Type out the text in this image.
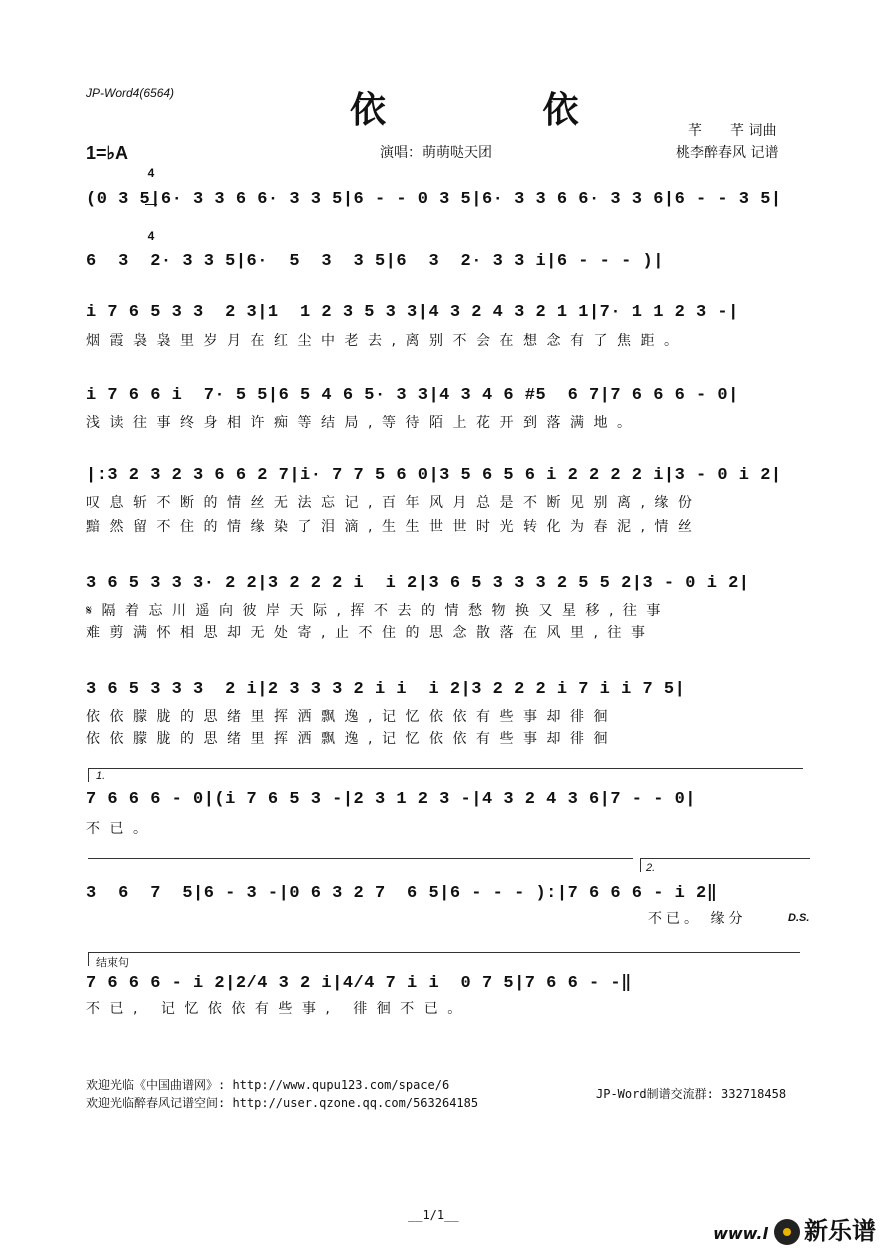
JP-Word4(6564)	依 依	芊　　芊 词曲
桃李醉春风 记谱
演唱：萌萌哒天团
1=♭A

4

4

(0 3 5|6· 3 3 6 6· 3 3 5|6 - - 0 3 5|6· 3 3 6 6· 3 3 6|6 - - 3 5|
6  3  2· 3 3 5|6·  5  3  3 5|6  3  2· 3 3 i|6 - - - )|
i 7 6 5 3 3  2 3|1  1 2 3 5 3 3|4 3 2 4 3 2 1 1|7· 1 1 2 3 -|
烟霞袅袅里岁月在红尘中老去,离别不会在想念有了焦距。
i 7 6 6 i  7· 5 5|6 5 4 6 5· 3 3|4 3 4 6 #5  6 7|7 6 6 6 - 0|
浅读往事终身相许痴等结局,等待陌上花开到落满地。
|:3 2 3 2 3 6 6 2 7|i· 7 7 5 6 0|3 5 6 5 6 i 2 2 2 2 i|3 - 0 i 2|
叹息斩不断的情丝无法忘记,百年风月总是不断见别离,缘份
黯然留不住的情缘染了泪滴,生生世世时光转化为春泥,情丝
3 6 5 3 3 3· 2 2|3 2 2 2 i  i 2|3 6 5 3 3 3 2 5 5 2|3 - 0 i 2|
𝄋隔着忘川遥向彼岸天际,挥不去的情愁物换又星移,往事
难剪满怀相思却无处寄,止不住的思念散落在风里,往事
3 6 5 3 3 3  2 i|2 3 3 3 2 i i  i 2|3 2 2 2 i 7 i i 7 5|
依依朦胧的思绪里挥洒飘逸,记忆依依有些事却徘徊
依依朦胧的思绪里挥洒飘逸,记忆依依有些事却徘徊
1.
7 6 6 6 - 0|(i 7 6 5 3 -|2 3 1 2 3 -|4 3 2 4 3 6|7 - - 0|
不已。
2.
3  6  7  5|6 - 3 -|0 6 3 2 7  6 5|6 - - - ):|7 6 6 6 - i 2‖
不已。 缘分	D.S.
结束句
7 6 6 6 - i 2|2/4 3 2 i|4/4 7 i i  0 7 5|7 6 6 - -‖
不已, 记忆依依有些事, 徘徊不已。
欢迎光临《中国曲谱网》: http://www.qupu123.com/space/6
欢迎光临醉春风记谱空间: http://user.qzone.qq.com/563264185
JP-Word制谱交流群: 332718458
__1/1__

www.l 新乐谱
